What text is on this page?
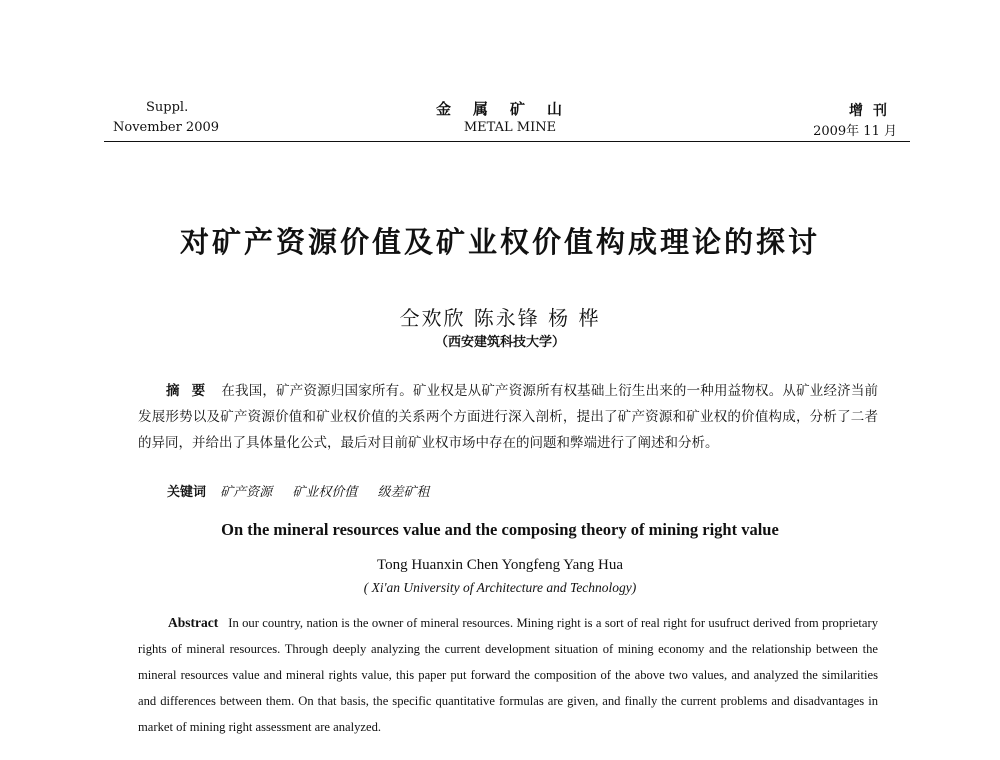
Suppl.
November 2009
金属矿山
METAL MINE
增刊
2009年 11 月
对矿产资源价值及矿业权价值构成理论的探讨
仝欢欣 陈永锋 杨 桦
（西安建筑科技大学）
摘要 在我国，矿产资源归国家所有。矿业权是从矿产资源所有权基础上衍生出来的一种用益物权。从矿业经济当前发展形势以及矿产资源价值和矿业权价值的关系两个方面进行深入剖析，提出了矿产资源和矿业权的价值构成，分析了二者的异同，并给出了具体量化公式，最后对目前矿业权市场中存在的问题和弊端进行了阐述和分析。
关键词 矿产资源 矿业权价值 级差矿租
On the mineral resources value and the composing theory of mining right value
Tong Huanxin Chen Yongfeng Yang Hua
( Xi'an University of Architecture and Technology)
Abstract In our country, nation is the owner of mineral resources. Mining right is a sort of real right for usufruct derived from proprietary rights of mineral resources. Through deeply analyzing the current development situation of mining economy and the relationship between the mineral resources value and mineral rights value, this paper put forward the composition of the above two values, and analyzed the similarities and differences between them. On that basis, the specific quantitative formulas are given, and finally the current problems and disadvantages in market of mining right assessment are analyzed.
